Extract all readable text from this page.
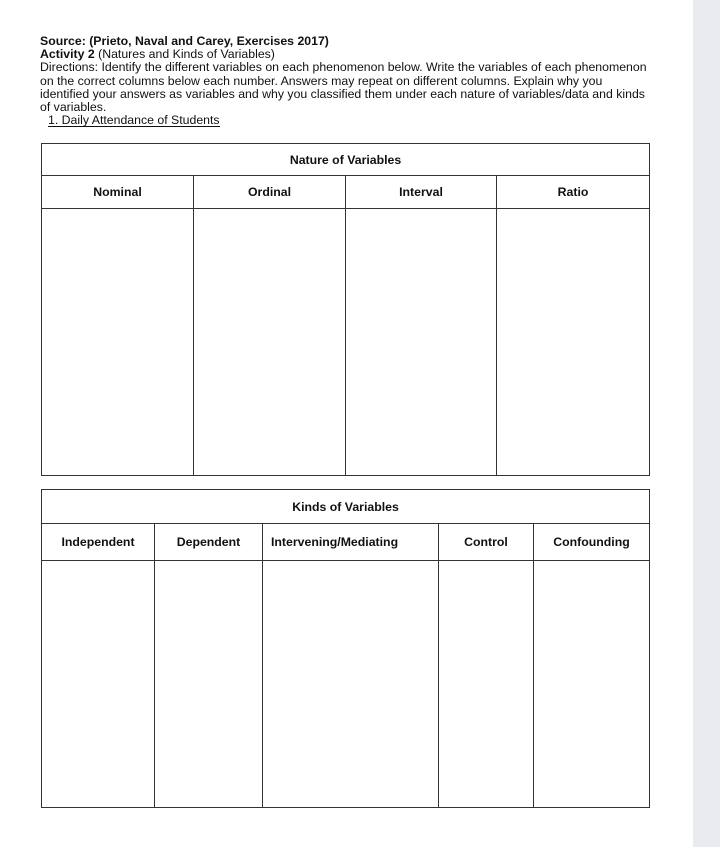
Source: (Prieto, Naval and Carey, Exercises 2017)

Activity 2 (Natures and Kinds of Variables)

Directions: Identify the different variables on each phenomenon below. Write the variables of each phenomenon on the correct columns below each number. Answers may repeat on different columns. Explain why you identified your answers as variables and why you classified them under each nature of variables/data and kinds of variables.

1. Daily Attendance of Students

Nature of Variables			
Nominal	Ordinal	Interval	Ratio

Kinds of Variables				
Independent	Dependent	Intervening/Mediating	Control	Confounding
